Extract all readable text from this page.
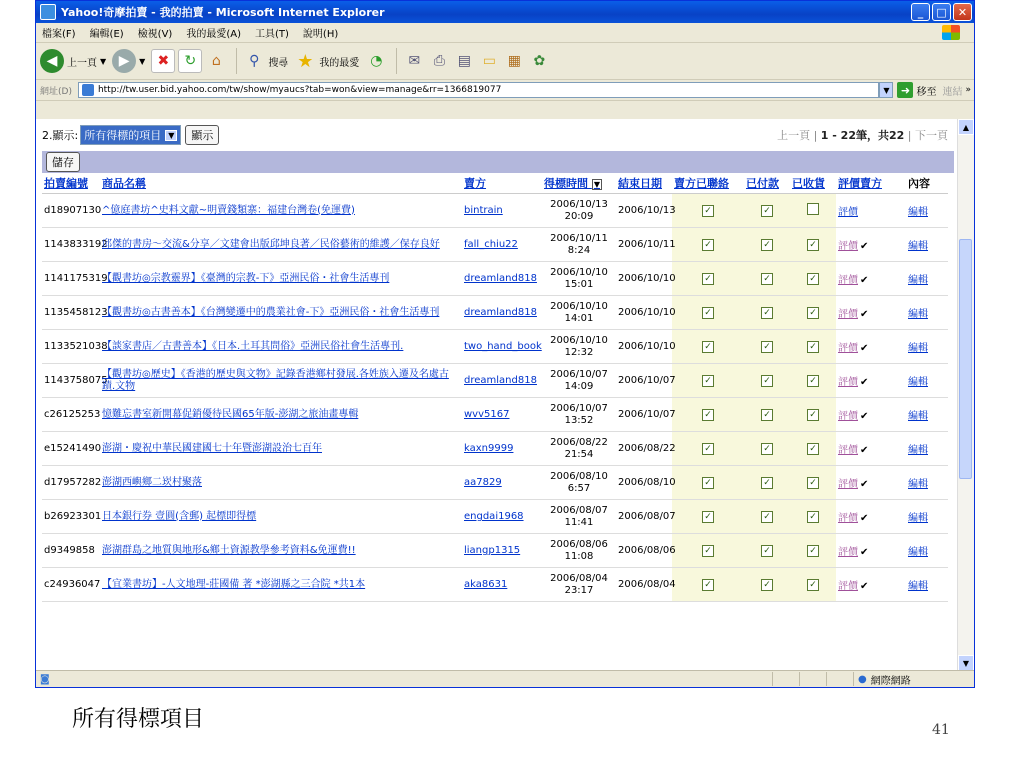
Yahoo!奇摩拍賣 - 我的拍賣 - Microsoft Internet Explorer	_	□	✕
檔案(F) 編輯(E) 檢視(V) 我的最愛(A) 工具(T) 說明(H)
◀ 上一頁 ▼ ▶	▼ ✖	↻	⌂	⚲ 搜尋 ★ 我的最愛 ◔	✉ ⎙ ▤ ▭ ▦ ✿
網址(D)	http://tw.user.bid.yahoo.com/tw/show/myaucs?tab=won&view=manage&rr=1366819077	▼	➜ 移至 連結 »
2.顯示: 所有得標的項目 ▼	顯示	上一頁 | 1 - 22筆，共22 | 下一頁
儲存
拍賣編號	商品名稱	賣方	得標時間 ▼	結束日期	賣方已聯絡	已付款	已收貨	評價賣方	內容
d18907130	^億庭書坊^史料文獻~明賣錢類寨：福建台灣卷(免運費)	bintrain	2006/10/13
20:09	2006/10/13	✓	✓		評價	編輯
1143833192	邱傑的書房～交流&分享／文建會出版邱坤良著／民俗藝術的維護／保存良好	fall_chiu22	2006/10/11 8:24	2006/10/11	✓	✓	✓	評價 ✔	編輯
1141175319	【觀書坊◎宗教靈界】《臺灣的宗教-下》亞洲民俗・社會生活專刊	dreamland818	2006/10/10
15:01	2006/10/10	✓	✓	✓	評價 ✔	編輯
1135458123	【觀書坊◎古書善本】《台灣變遷中的農業社會-下》亞洲民俗・社會生活專刊	dreamland818	2006/10/10
14:01	2006/10/10	✓	✓	✓	評價 ✔	編輯
1133521038	【談家書店／古書善本】《日本.土耳其問俗》亞洲民俗社會生活專刊.	two_hand_book	2006/10/10
12:32	2006/10/10	✓	✓	✓	評價 ✔	編輯
1143758075	【觀書坊◎歷史】《香港的歷史與文物》記錄香港鄉村發展.各姓族入遷及名處古蹟.文物	dreamland818	2006/10/07
14:09	2006/10/07	✓	✓	✓	評價 ✔	編輯
c26125253	憶難忘書室新開幕促銷優待民國65年版-澎湖之旅油畫專輯	wvv5167	2006/10/07
13:52	2006/10/07	✓	✓	✓	評價 ✔	編輯
e15241490	澎湖・慶祝中華民國建國七十年暨澎湖設治七百年	kaxn9999	2006/08/22
21:54	2006/08/22	✓	✓	✓	評價 ✔	編輯
d17957282	澎湖西嶼鄉二崁村聚落	aa7829	2006/08/10 6:57	2006/08/10	✓	✓	✓	評價 ✔	編輯
b26923301	日本銀行券 壹圓(含郵) 起標即得標	engdai1968	2006/08/07
11:41	2006/08/07	✓	✓	✓	評價 ✔	編輯
d9349858	澎湖群島之地質與地形&鄉土資源教學參考資料&免運費!!	liangp1315	2006/08/06
11:08	2006/08/06	✓	✓	✓	評價 ✔	編輯
c24936047	【宜業書坊】-人文地理-莊國備 著 *澎湖縣之三合院 *共1本	aka8631	2006/08/04
23:17	2006/08/04	✓	✓	✓	評價 ✔	編輯
▲
▼
◙	● 網際網路
所有得標項目	41
